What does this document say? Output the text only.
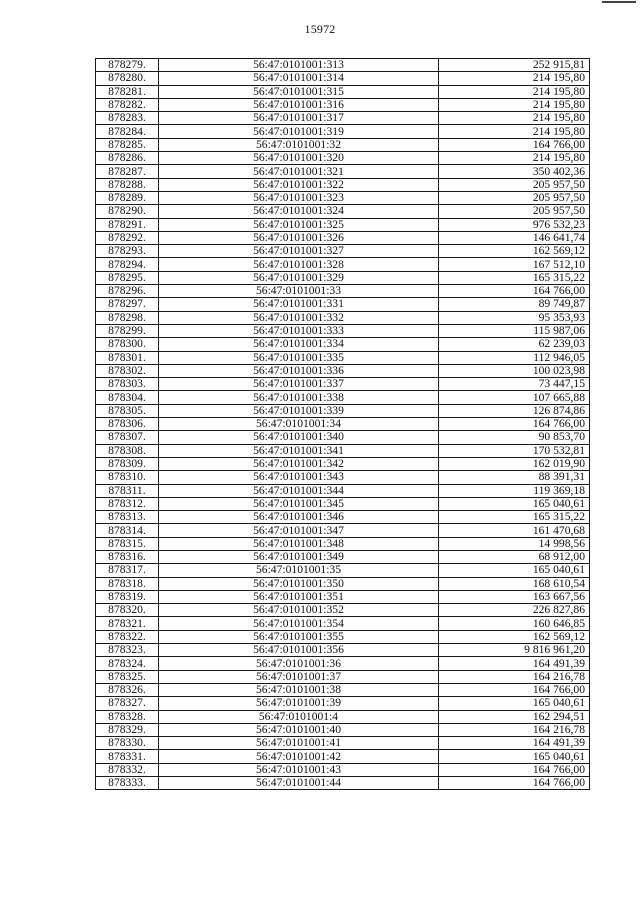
15972
878279.	56:47:0101001:313	252 915,81
878280.	56:47:0101001:314	214 195,80
878281.	56:47:0101001:315	214 195,80
878282.	56:47:0101001:316	214 195,80
878283.	56:47:0101001:317	214 195,80
878284.	56:47:0101001:319	214 195,80
878285.	56:47:0101001:32	164 766,00
878286.	56:47:0101001:320	214 195,80
878287.	56:47:0101001:321	350 402,36
878288.	56:47:0101001:322	205 957,50
878289.	56:47:0101001:323	205 957,50
878290.	56:47:0101001:324	205 957,50
878291.	56:47:0101001:325	976 532,23
878292.	56:47:0101001:326	146 641,74
878293.	56:47:0101001:327	162 569,12
878294.	56:47:0101001:328	167 512,10
878295.	56:47:0101001:329	165 315,22
878296.	56:47:0101001:33	164 766,00
878297.	56:47:0101001:331	89 749,87
878298.	56:47:0101001:332	95 353,93
878299.	56:47:0101001:333	115 987,06
878300.	56:47:0101001:334	62 239,03
878301.	56:47:0101001:335	112 946,05
878302.	56:47:0101001:336	100 023,98
878303.	56:47:0101001:337	73 447,15
878304.	56:47:0101001:338	107 665,88
878305.	56:47:0101001:339	126 874,86
878306.	56:47:0101001:34	164 766,00
878307.	56:47:0101001:340	90 853,70
878308.	56:47:0101001:341	170 532,81
878309.	56:47:0101001:342	162 019,90
878310.	56:47:0101001:343	88 391,31
878311.	56:47:0101001:344	119 369,18
878312.	56:47:0101001:345	165 040,61
878313.	56:47:0101001:346	165 315,22
878314.	56:47:0101001:347	161 470,68
878315.	56:47:0101001:348	14 998,56
878316.	56:47:0101001:349	68 912,00
878317.	56:47:0101001:35	165 040,61
878318.	56:47:0101001:350	168 610,54
878319.	56:47:0101001:351	163 667,56
878320.	56:47:0101001:352	226 827,86
878321.	56:47:0101001:354	160 646,85
878322.	56:47:0101001:355	162 569,12
878323.	56:47:0101001:356	9 816 961,20
878324.	56:47:0101001:36	164 491,39
878325.	56:47:0101001:37	164 216,78
878326.	56:47:0101001:38	164 766,00
878327.	56:47:0101001:39	165 040,61
878328.	56:47:0101001:4	162 294,51
878329.	56:47:0101001:40	164 216,78
878330.	56:47:0101001:41	164 491,39
878331.	56:47:0101001:42	165 040,61
878332.	56:47:0101001:43	164 766,00
878333.	56:47:0101001:44	164 766,00
